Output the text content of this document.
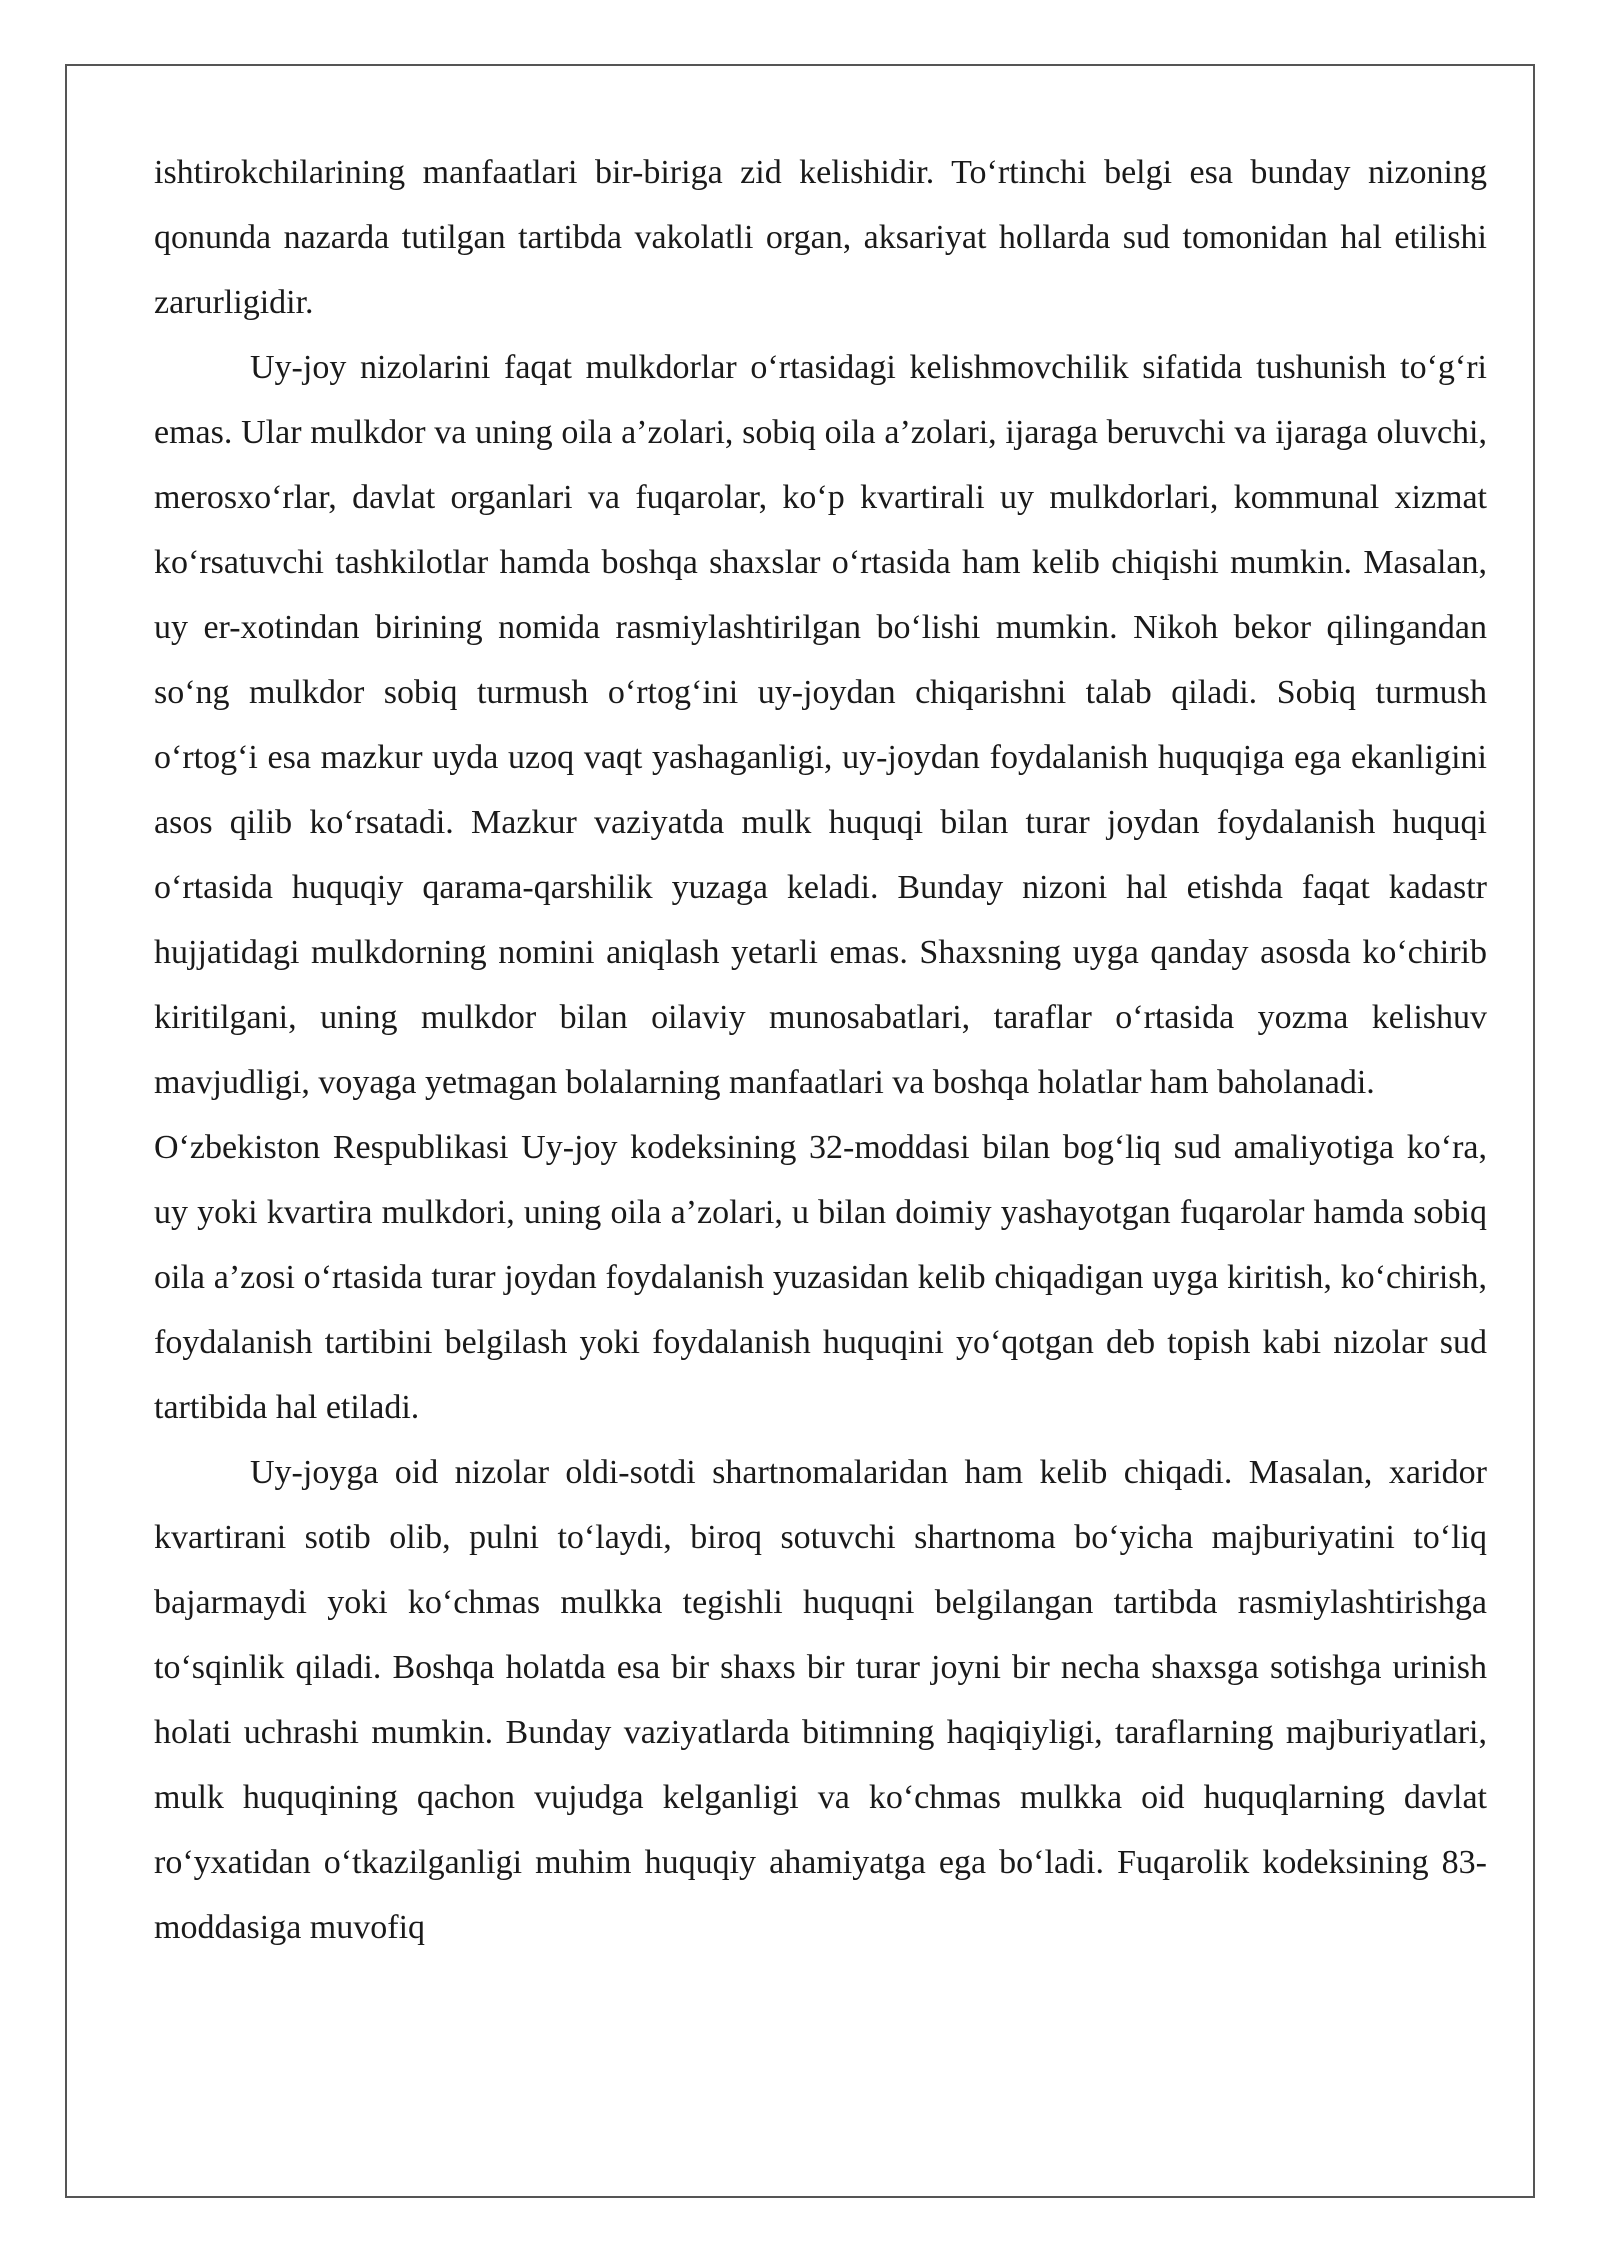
ishtirokchilarining manfaatlari bir-biriga zid kelishidir. To‘rtinchi belgi esa bunday nizoning qonunda nazarda tutilgan tartibda vakolatli organ, aksariyat hollarda sud tomonidan hal etilishi zarurligidir.

Uy-joy nizolarini faqat mulkdorlar o‘rtasidagi kelishmovchilik sifatida tushunish to‘g‘ri emas. Ular mulkdor va uning oila a’zolari, sobiq oila a’zolari, ijaraga beruvchi va ijaraga oluvchi, merosxo‘rlar, davlat organlari va fuqarolar, ko‘p kvartirali uy mulkdorlari, kommunal xizmat ko‘rsatuvchi tashkilotlar hamda boshqa shaxslar o‘rtasida ham kelib chiqishi mumkin. Masalan, uy er-xotindan birining nomida rasmiylashtirilgan bo‘lishi mumkin. Nikoh bekor qilingandan so‘ng mulkdor sobiq turmush o‘rtog‘ini uy-joydan chiqarishni talab qiladi. Sobiq turmush o‘rtog‘i esa mazkur uyda uzoq vaqt yashaganligi, uy-joydan foydalanish huquqiga ega ekanligini asos qilib ko‘rsatadi. Mazkur vaziyatda mulk huquqi bilan turar joydan foydalanish huquqi o‘rtasida huquqiy qarama-qarshilik yuzaga keladi. Bunday nizoni hal etishda faqat kadastr hujjatidagi mulkdorning nomini aniqlash yetarli emas. Shaxsning uyga qanday asosda ko‘chirib kiritilgani, uning mulkdor bilan oilaviy munosabatlari, taraflar o‘rtasida yozma kelishuv mavjudligi, voyaga yetmagan bolalarning manfaatlari va boshqa holatlar ham baholanadi.

O‘zbekiston Respublikasi Uy-joy kodeksining 32-moddasi bilan bog‘liq sud amaliyotiga ko‘ra, uy yoki kvartira mulkdori, uning oila a’zolari, u bilan doimiy yashayotgan fuqarolar hamda sobiq oila a’zosi o‘rtasida turar joydan foydalanish yuzasidan kelib chiqadigan uyga kiritish, ko‘chirish, foydalanish tartibini belgilash yoki foydalanish huquqini yo‘qotgan deb topish kabi nizolar sud tartibida hal etiladi.

Uy-joyga oid nizolar oldi-sotdi shartnomalaridan ham kelib chiqadi. Masalan, xaridor kvartirani sotib olib, pulni to‘laydi, biroq sotuvchi shartnoma bo‘yicha majburiyatini to‘liq bajarmaydi yoki ko‘chmas mulkka tegishli huquqni belgilangan tartibda rasmiylashtirishga to‘sqinlik qiladi. Boshqa holatda esa bir shaxs bir turar joyni bir necha shaxsga sotishga urinish holati uchrashi mumkin. Bunday vaziyatlarda bitimning haqiqiyligi, taraflarning majburiyatlari, mulk huquqining qachon vujudga kelganligi va ko‘chmas mulkka oid huquqlarning davlat ro‘yxatidan o‘tkazilganligi muhim huquqiy ahamiyatga ega bo‘ladi. Fuqarolik kodeksining 83-moddasiga muvofiq
